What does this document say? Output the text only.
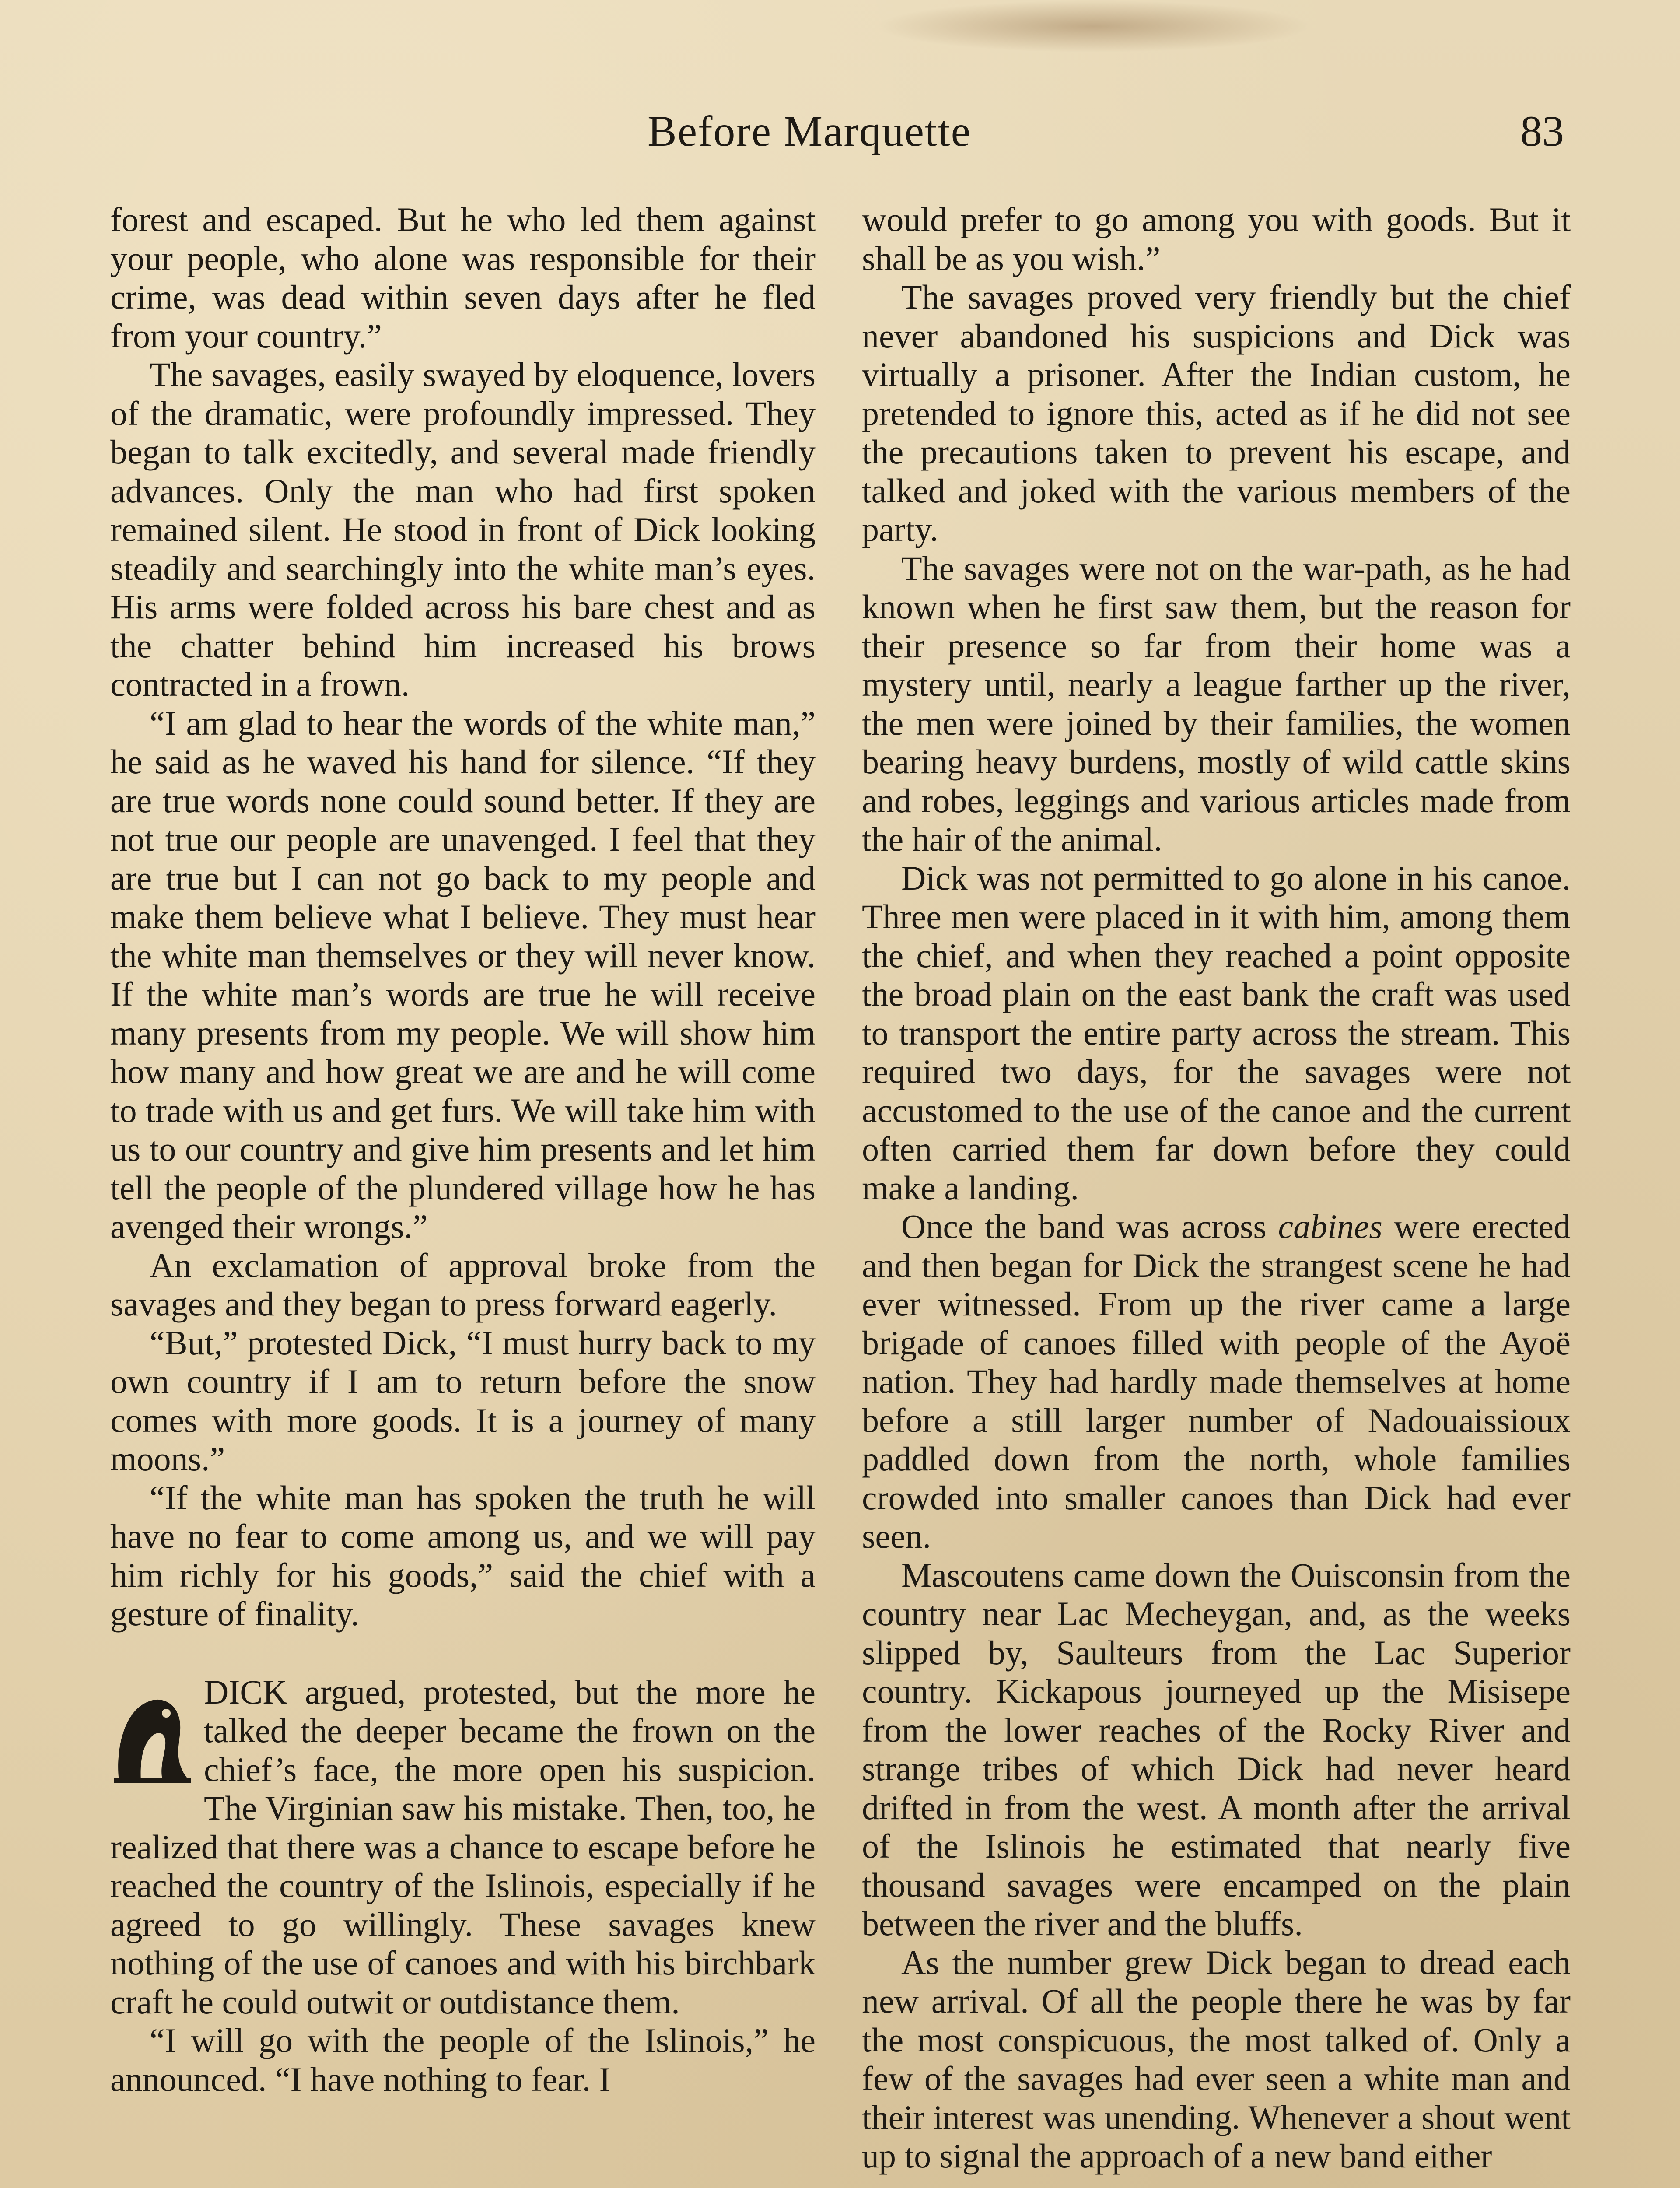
Before Marquette	83

forest and escaped. But he who led them against your people, who alone was responsible for their crime, was dead within seven days after he fled from your country.”

The savages, easily swayed by eloquence, lovers of the dramatic, were profoundly impressed. They began to talk excitedly, and several made friendly advances. Only the man who had first spoken remained silent. He stood in front of Dick looking steadily and searchingly into the white man’s eyes. His arms were folded across his bare chest and as the chatter behind him increased his brows contracted in a frown.

“I am glad to hear the words of the white man,” he said as he waved his hand for silence. “If they are true words none could sound better. If they are not true our people are unavenged. I feel that they are true but I can not go back to my people and make them believe what I believe. They must hear the white man themselves or they will never know. If the white man’s words are true he will receive many presents from my people. We will show him how many and how great we are and he will come to trade with us and get furs. We will take him with us to our country and give him presents and let him tell the people of the plundered village how he has avenged their wrongs.”

An exclamation of approval broke from the savages and they began to press forward eagerly.

“But,” protested Dick, “I must hurry back to my own country if I am to return before the snow comes with more goods. It is a journey of many moons.”

“If the white man has spoken the truth he will have no fear to come among us, and we will pay him richly for his goods,” said the chief with a gesture of finality.

DICK argued, protested, but the more he talked the deeper became the frown on the chief’s face, the more open his suspicion. The Virginian saw his mistake. Then, too, he realized that there was a chance to escape before he reached the country of the Islinois, especially if he agreed to go willingly. These savages knew nothing of the use of canoes and with his birchbark craft he could outwit or outdistance them.

“I will go with the people of the Islinois,” he announced. “I have nothing to fear. I

would prefer to go among you with goods. But it shall be as you wish.”

The savages proved very friendly but the chief never abandoned his suspicions and Dick was virtually a prisoner. After the Indian custom, he pretended to ignore this, acted as if he did not see the precautions taken to prevent his escape, and talked and joked with the various members of the party.

The savages were not on the war-path, as he had known when he first saw them, but the reason for their presence so far from their home was a mystery until, nearly a league farther up the river, the men were joined by their families, the women bearing heavy burdens, mostly of wild cattle skins and robes, leggings and various articles made from the hair of the animal.

Dick was not permitted to go alone in his canoe. Three men were placed in it with him, among them the chief, and when they reached a point opposite the broad plain on the east bank the craft was used to transport the entire party across the stream. This required two days, for the savages were not accustomed to the use of the canoe and the current often carried them far down before they could make a landing.

Once the band was across cabines were erected and then began for Dick the strangest scene he had ever witnessed. From up the river came a large brigade of canoes filled with people of the Ayoë nation. They had hardly made themselves at home before a still larger number of Nadouaissioux paddled down from the north, whole families crowded into smaller canoes than Dick had ever seen.

Mascoutens came down the Ouisconsin from the country near Lac Mecheygan, and, as the weeks slipped by, Saulteurs from the Lac Superior country. Kickapous journeyed up the Misisepe from the lower reaches of the Rocky River and strange tribes of which Dick had never heard drifted in from the west. A month after the arrival of the Islinois he estimated that nearly five thousand savages were encamped on the plain between the river and the bluffs.

As the number grew Dick began to dread each new arrival. Of all the people there he was by far the most conspicuous, the most talked of. Only a few of the savages had ever seen a white man and their interest was unending. Whenever a shout went up to signal the approach of a new band either
